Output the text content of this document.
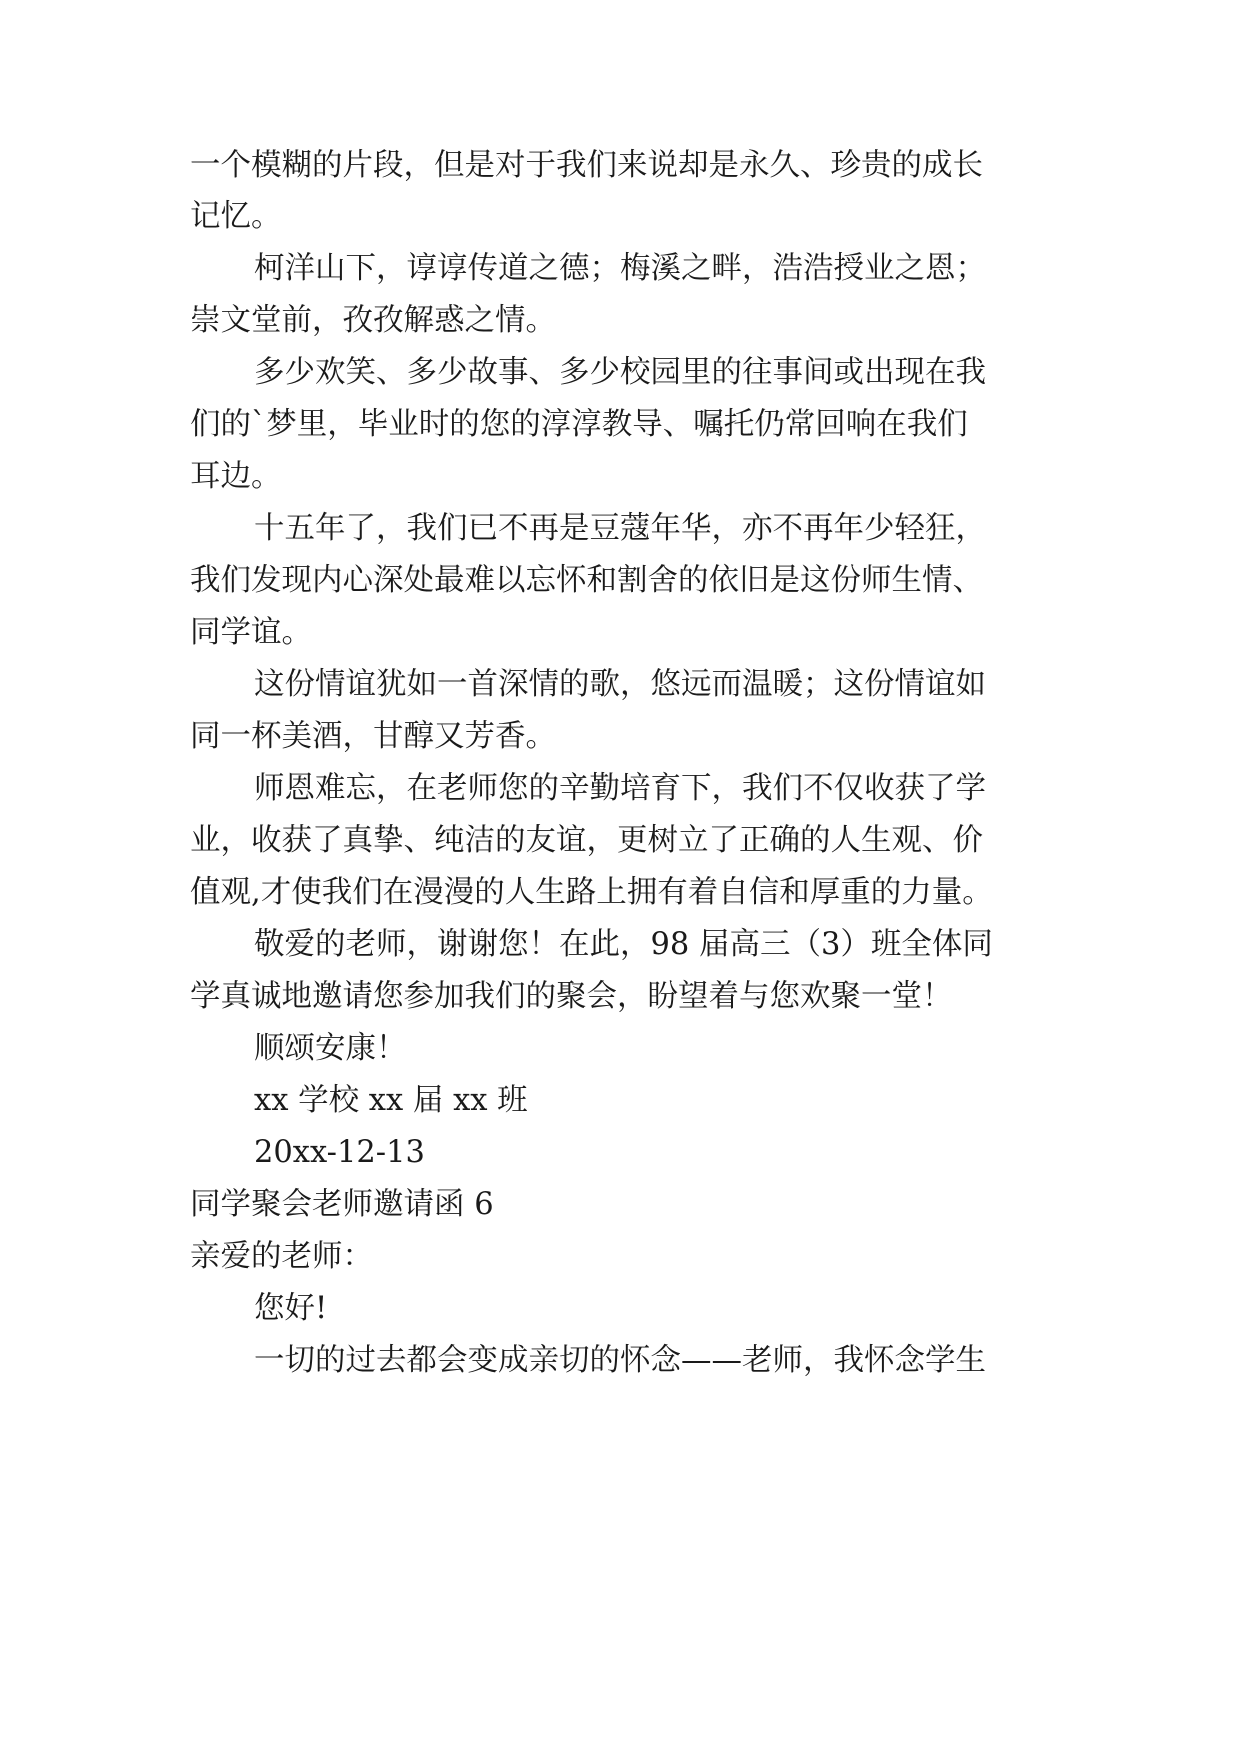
一个模糊的片段，但是对于我们来说却是永久、珍贵的成长
记忆。
柯洋山下，谆谆传道之德；梅溪之畔，浩浩授业之恩；
崇文堂前，孜孜解惑之情。
多少欢笑、多少故事、多少校园里的往事间或出现在我
们的`梦里，毕业时的您的淳淳教导、嘱托仍常回响在我们
耳边。
十五年了，我们已不再是豆蔻年华，亦不再年少轻狂，
我们发现内心深处最难以忘怀和割舍的依旧是这份师生情、
同学谊。
这份情谊犹如一首深情的歌，悠远而温暖；这份情谊如
同一杯美酒，甘醇又芳香。
师恩难忘，在老师您的辛勤培育下，我们不仅收获了学
业，收获了真挚、纯洁的友谊，更树立了正确的人生观、价
值观,才使我们在漫漫的人生路上拥有着自信和厚重的力量。
敬爱的老师，谢谢您！在此，98 届高三（3）班全体同
学真诚地邀请您参加我们的聚会，盼望着与您欢聚一堂！
顺颂安康！
xx 学校 xx 届 xx 班
20xx-12-13
同学聚会老师邀请函 6
亲爱的老师：
您好!
一切的过去都会变成亲切的怀念——老师，我怀念学生
